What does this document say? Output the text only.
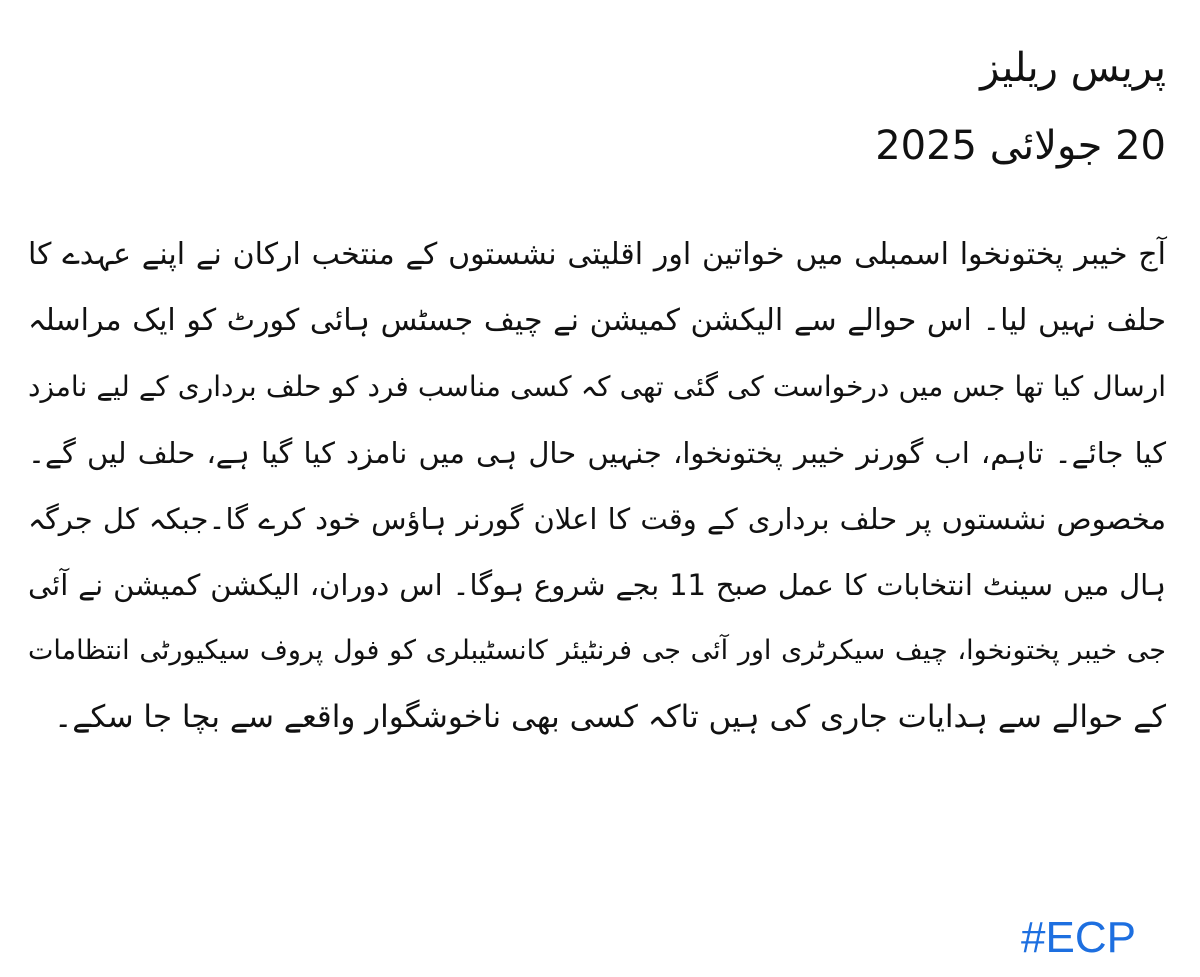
پریس ریلیز
20 جولائی 2025
آج خیبر پختونخوا اسمبلی میں خواتین اور اقلیتی نشستوں کے منتخب ارکان نے اپنے عہدے کا
حلف نہیں لیا۔ اس حوالے سے الیکشن کمیشن نے چیف جسٹس ہائی کورٹ کو ایک مراسلہ
ارسال کیا تھا جس میں درخواست کی گئی تھی کہ کسی مناسب فرد کو حلف برداری کے لیے نامزد
کیا جائے۔ تاہم، اب گورنر خیبر پختونخوا، جنہیں حال ہی میں نامزد کیا گیا ہے، حلف لیں گے۔
مخصوص نشستوں پر حلف برداری کے وقت کا اعلان گورنر ہاؤس خود کرے گا۔جبکہ کل جرگہ
ہال میں سینٹ انتخابات کا عمل صبح 11 بجے شروع ہوگا۔ اس دوران، الیکشن کمیشن نے آئی
جی خیبر پختونخوا، چیف سیکرٹری اور آئی جی فرنٹیئر کانسٹیبلری کو فول پروف سیکیورٹی انتظامات
کے حوالے سے ہدایات جاری کی ہیں تاکہ کسی بھی ناخوشگوار واقعے سے بچا جا سکے۔
#ECP
